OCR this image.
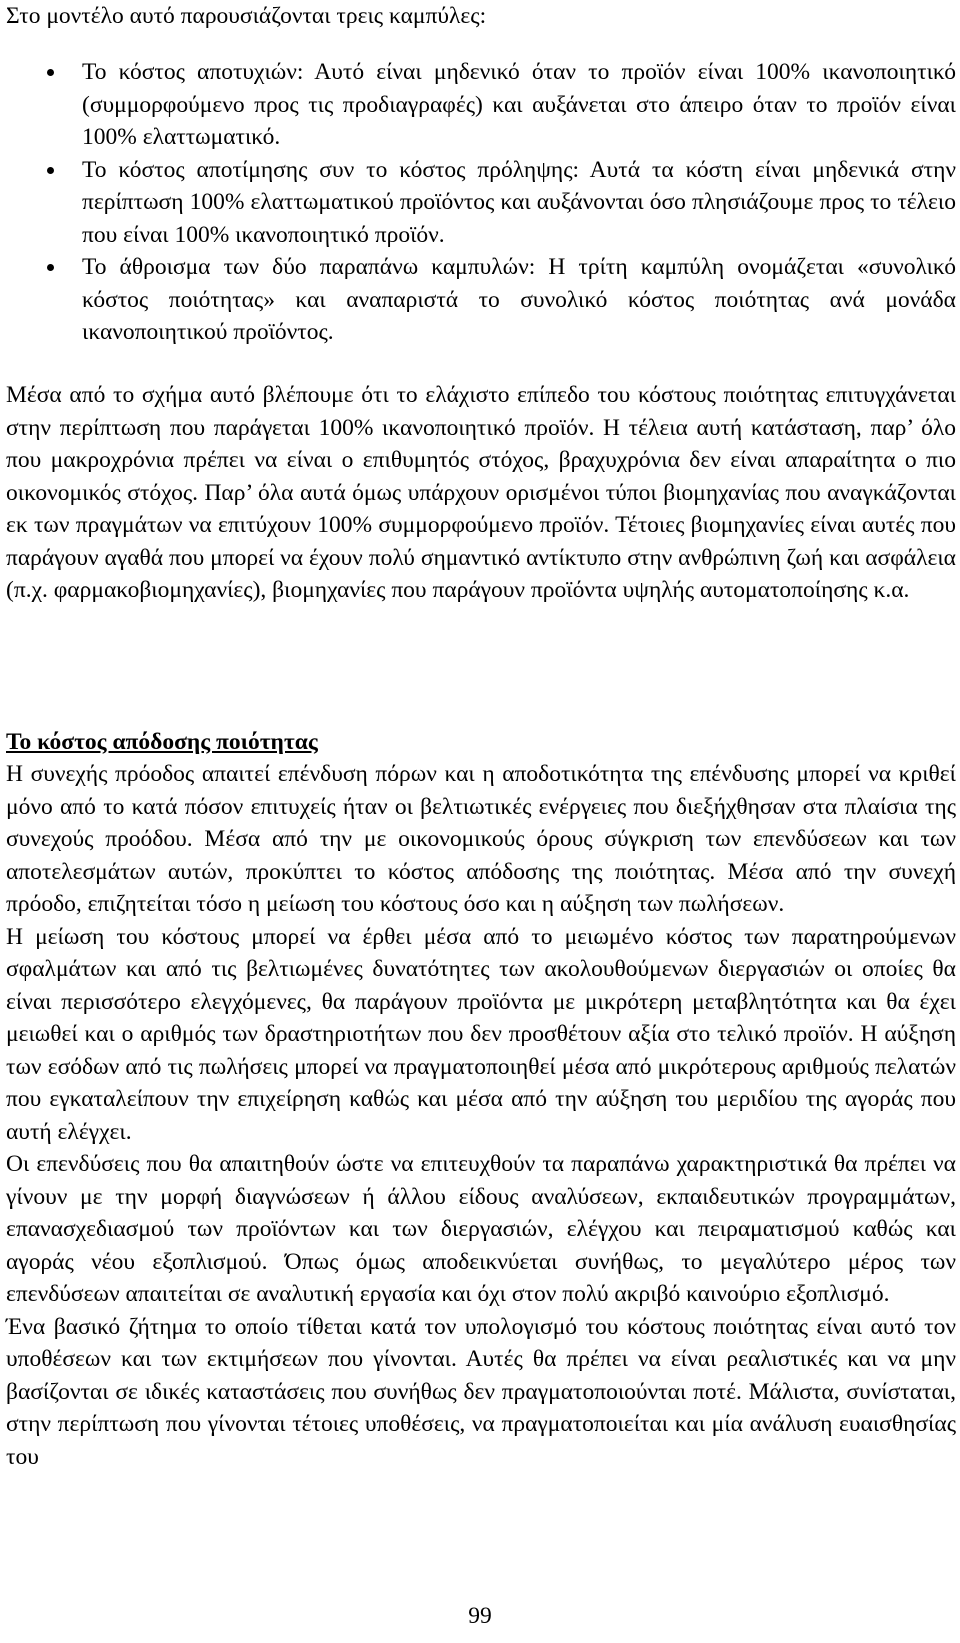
Στο μοντέλο αυτό παρουσιάζονται τρεις καμπύλες:

Το κόστος αποτυχιών: Αυτό είναι μηδενικό όταν το προϊόν είναι 100% ικανοποιητικό (συμμορφούμενο προς τις προδιαγραφές) και αυξάνεται στο άπειρο όταν το προϊόν είναι 100% ελαττωματικό.
Το κόστος αποτίμησης συν το κόστος πρόληψης: Αυτά τα κόστη είναι μηδενικά στην περίπτωση 100% ελαττωματικού προϊόντος και αυξάνονται όσο πλησιάζουμε προς το τέλειο που είναι 100% ικανοποιητικό προϊόν.
Το άθροισμα των δύο παραπάνω καμπυλών: Η τρίτη καμπύλη ονομάζεται «συνολικό κόστος ποιότητας» και αναπαριστά το συνολικό κόστος ποιότητας ανά μονάδα ικανοποιητικού προϊόντος.

Μέσα από το σχήμα αυτό βλέπουμε ότι το ελάχιστο επίπεδο του κόστους ποιότητας επιτυγχάνεται στην περίπτωση που παράγεται 100% ικανοποιητικό προϊόν. Η τέλεια αυτή κατάσταση, παρ’ όλο που μακροχρόνια πρέπει να είναι ο επιθυμητός στόχος, βραχυχρόνια δεν είναι απαραίτητα ο πιο οικονομικός στόχος. Παρ’ όλα αυτά όμως υπάρχουν ορισμένοι τύποι βιομηχανίας που αναγκάζονται εκ των πραγμάτων να επιτύχουν 100% συμμορφούμενο προϊόν. Τέτοιες βιομηχανίες είναι αυτές που παράγουν αγαθά που μπορεί να έχουν πολύ σημαντικό αντίκτυπο στην ανθρώπινη ζωή και ασφάλεια (π.χ. φαρμακοβιομηχανίες), βιομηχανίες που παράγουν προϊόντα υψηλής αυτοματοποίησης κ.α.

Το κόστος απόδοσης ποιότητας

Η συνεχής πρόοδος απαιτεί επένδυση πόρων και η αποδοτικότητα της επένδυσης μπορεί να κριθεί μόνο από το κατά πόσον επιτυχείς ήταν οι βελτιωτικές ενέργειες που διεξήχθησαν στα πλαίσια της συνεχούς προόδου. Μέσα από την με οικονομικούς όρους σύγκριση των επενδύσεων και των αποτελεσμάτων αυτών, προκύπτει το κόστος απόδοσης της ποιότητας. Μέσα από την συνεχή πρόοδο, επιζητείται τόσο η μείωση του κόστους όσο και η αύξηση των πωλήσεων.

Η μείωση του κόστους μπορεί να έρθει μέσα από το μειωμένο κόστος των παρατηρούμενων σφαλμάτων και από τις βελτιωμένες δυνατότητες των ακολουθούμενων διεργασιών οι οποίες θα είναι περισσότερο ελεγχόμενες, θα παράγουν προϊόντα με μικρότερη μεταβλητότητα και θα έχει μειωθεί και ο αριθμός των δραστηριοτήτων που δεν προσθέτουν αξία στο τελικό προϊόν. Η αύξηση των εσόδων από τις πωλήσεις μπορεί να πραγματοποιηθεί μέσα από μικρότερους αριθμούς πελατών που εγκαταλείπουν την επιχείρηση καθώς και μέσα από την αύξηση του μεριδίου της αγοράς που αυτή ελέγχει.

Οι επενδύσεις που θα απαιτηθούν ώστε να επιτευχθούν τα παραπάνω χαρακτηριστικά θα πρέπει να γίνουν με την μορφή διαγνώσεων ή άλλου είδους αναλύσεων, εκπαιδευτικών προγραμμάτων, επανασχεδιασμού των προϊόντων και των διεργασιών, ελέγχου και πειραματισμού καθώς και αγοράς νέου εξοπλισμού. Όπως όμως αποδεικνύεται συνήθως, το μεγαλύτερο μέρος των επενδύσεων απαιτείται σε αναλυτική εργασία και όχι στον πολύ ακριβό καινούριο εξοπλισμό.

Ένα βασικό ζήτημα το οποίο τίθεται κατά τον υπολογισμό του κόστους ποιότητας είναι αυτό τον υποθέσεων και των εκτιμήσεων που γίνονται. Αυτές θα πρέπει να είναι ρεαλιστικές και να μην βασίζονται σε ιδικές καταστάσεις που συνήθως δεν πραγματοποιούνται ποτέ. Μάλιστα, συνίσταται, στην περίπτωση που γίνονται τέτοιες υποθέσεις, να πραγματοποιείται και μία ανάλυση ευαισθησίας του

99
